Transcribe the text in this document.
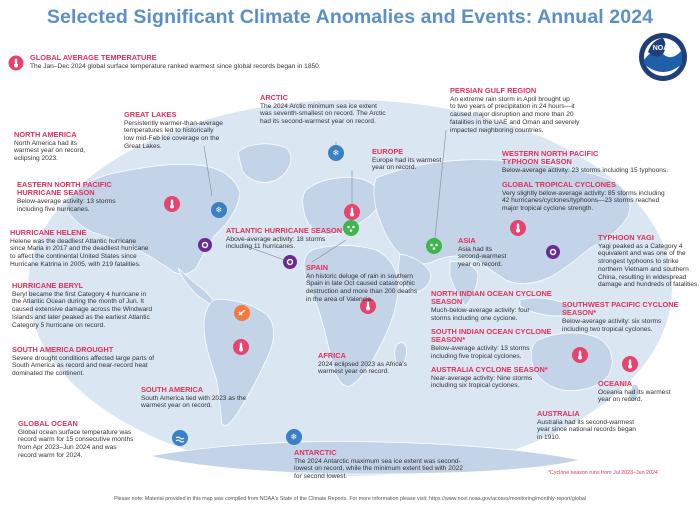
❄
❄
❄
Selected Significant Climate Anomalies and Events: Annual 2024
NOAA
GLOBAL AVERAGE TEMPERATURE

The Jan–Dec 2024 global surface temperature ranked warmest since global records began in 1850.

NORTH AMERICA

North America had its

warmest year on record,

eclipsing 2023.

GREAT LAKES

Persistently warmer-than-average

temperatures led to historically

low mid-Feb ice coverage on the

Great Lakes.

ARCTIC

The 2024 Arctic minimum sea ice extent

was seventh-smallest on record. The Arctic

had its second-warmest year on record.

EUROPE

Europe had its warmest

year on record.

PERSIAN GULF REGION

An extreme rain storm in April brought up

to two years of precipitation in 24 hours—it

caused major disruption and more than 20

fatalities in the UAE and Oman and severely

impacted neighboring countries.

WESTERN NORTH PACIFIC TYPHOON SEASON

Below-average activity: 23 storms including 15 typhoons.

GLOBAL TROPICAL CYCLONES

Very slightly below-average activity: 85 storms including

42 hurricanes/cyclones/typhoons—23 storms reached

major tropical cyclone strength.

EASTERN NORTH PACIFIC HURRICANE SEASON

Below-average activity: 13 storms

including five hurricanes.

HURRICANE HELENE

Helene was the deadliest Atlantic hurricane

since Maria in 2017 and the deadliest hurricane

to affect the continental United States since

Hurricane Katrina in 2005, with 219 fatalities.

ATLANTIC HURRICANE SEASON

Above-average activity: 18 storms

including 11 hurricanes.

ASIA

Asia had its

second-warmest

year on record.

TYPHOON YAGI

Yagi peaked as a Category 4

equivalent and was one of the

strongest typhoons to strike

northern Vietnam and southern

China, resulting in widespread

damage and hundreds of fatalities.

HURRICANE BERYL

Beryl became the first Category 4 hurricane in

the Atlantic Ocean during the month of Jun. It

caused extensive damage across the Windward

Islands and later peaked as the earliest Atlantic

Category 5 hurricane on record.

SPAIN

An historic deluge of rain in southern

Spain in late Oct caused catastrophic

destruction and more than 200 deaths

in the area of Valencia.

NORTH INDIAN OCEAN CYCLONE SEASON

Much-below-average activity: four

storms including one cyclone.

SOUTHWEST PACIFIC CYCLONE SEASON*

Below-average activity: six storms

including two tropical cyclones.

SOUTH INDIAN OCEAN CYCLONE SEASON*

Below-average activity: 13 storms

including five tropical cyclones.

SOUTH AMERICA DROUGHT

Severe drought conditions affected large parts of

South America as record and near-record heat

dominated the continent.

AFRICA

2024 eclipsed 2023 as Africa’s

warmest year on record.	AUSTRALIA CYCLONE SEASON*

Near-average activity: Nine storms

including six tropical cyclones.	OCEANIA

Oceania had its warmest

year on record.

SOUTH AMERICA

South America tied with 2023 as the

warmest year on record.

AUSTRALIA

Australia had its second-warmest

year since national records began

in 1910.

GLOBAL OCEAN

Global ocean surface temperature was

record warm for 15 consecutive months

from Apr 2023–Jun 2024 and was

record warm for 2024.	ANTARCTIC

The 2024 Antarctic maximum sea ice extent was second-

lowest on record, while the minimum extent tied with 2022

for second lowest.

*Cyclone season runs from Jul 2023–Jun 2024
Please note: Material provided in this map was compiled from NOAA's State of the Climate Reports. For more information please visit: https://www.ncei.noaa.gov/access/monitoring/monthly-report/global
